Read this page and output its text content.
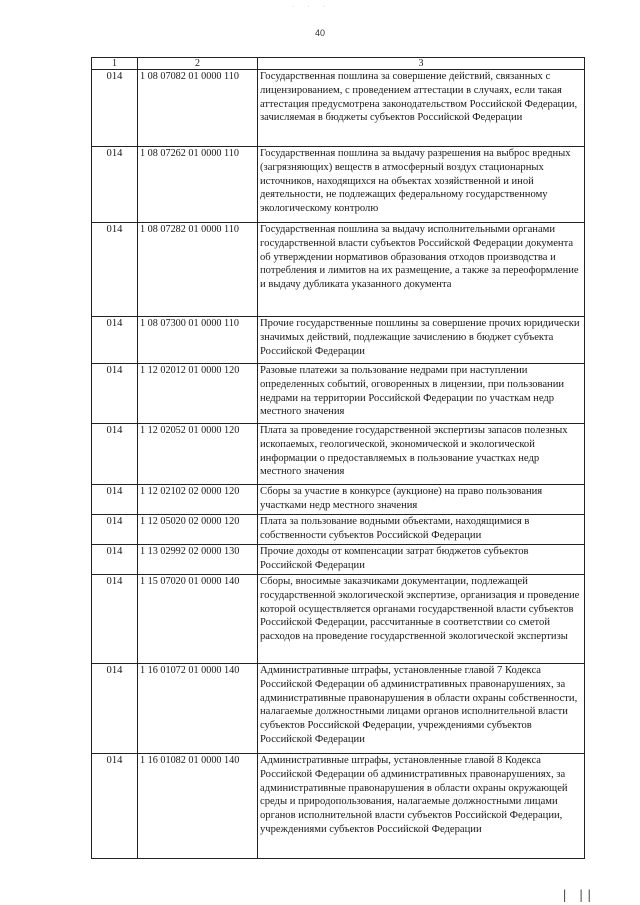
40
· · ·
1	2	3
014	1 08 07082 01 0000 110	Государственная пошлина за совершение действий, связанных с лицензированием, с проведением аттестации в случаях, если такая аттестация предусмотрена законодательством Российской Федерации, зачисляемая в бюджеты субъектов Российской Федерации
014	1 08 07262 01 0000 110	Государственная пошлина за выдачу разрешения на выброс вредных (загрязняющих) веществ в атмосферный воздух стационарных источников, находящихся на объектах хозяйственной и иной деятельности, не подлежащих федеральному государственному экологическому контролю
014	1 08 07282 01 0000 110	Государственная пошлина за выдачу исполнительными органами государственной власти субъектов Российской Федерации документа об утверждении нормативов образования отходов производства и потребления и лимитов на их размещение, а также за переоформление и выдачу дубликата указанного документа
014	1 08 07300 01 0000 110	Прочие государственные пошлины за совершение прочих юридически значимых действий, подлежащие зачислению в бюджет субъекта Российской Федерации
014	1 12 02012 01 0000 120	Разовые платежи за пользование недрами при наступлении определенных событий, оговоренных в лицензии, при пользовании недрами на территории Российской Федерации по участкам недр местного значения
014	1 12 02052 01 0000 120	Плата за проведение государственной экспертизы запасов полезных ископаемых, геологической, экономической и экологической информации о предоставляемых в пользование участках недр местного значения
014	1 12 02102 02 0000 120	Сборы за участие в конкурсе (аукционе) на право пользования участками недр местного значения
014	1 12 05020 02 0000 120	Плата за пользование водными объектами, находящимися в собственности субъектов Российской Федерации
014	1 13 02992 02 0000 130	Прочие доходы от компенсации затрат бюджетов субъектов Российской Федерации
014	1 15 07020 01 0000 140	Сборы, вносимые заказчиками документации, подлежащей государственной экологической экспертизе, организация и проведение которой осуществляется органами государственной власти субъектов Российской Федерации, рассчитанные в соответствии со сметой расходов на проведение государственной экологической экспертизы
014	1 16 01072 01 0000 140	Административные штрафы, установленные главой 7 Кодекса Российской Федерации об административных правонарушениях, за административные правонарушения в области охраны собственности, налагаемые должностными лицами органов исполнительной власти субъектов Российской Федерации, учреждениями субъектов Российской Федерации
014	1 16 01082 01 0000 140	Административные штрафы, установленные главой 8 Кодекса Российской Федерации об административных правонарушениях, за административные правонарушения в области охраны окружающей среды и природопользования, налагаемые должностными лицами органов исполнительной власти субъектов Российской Федерации, учреждениями субъектов Российской Федерации
| ||
